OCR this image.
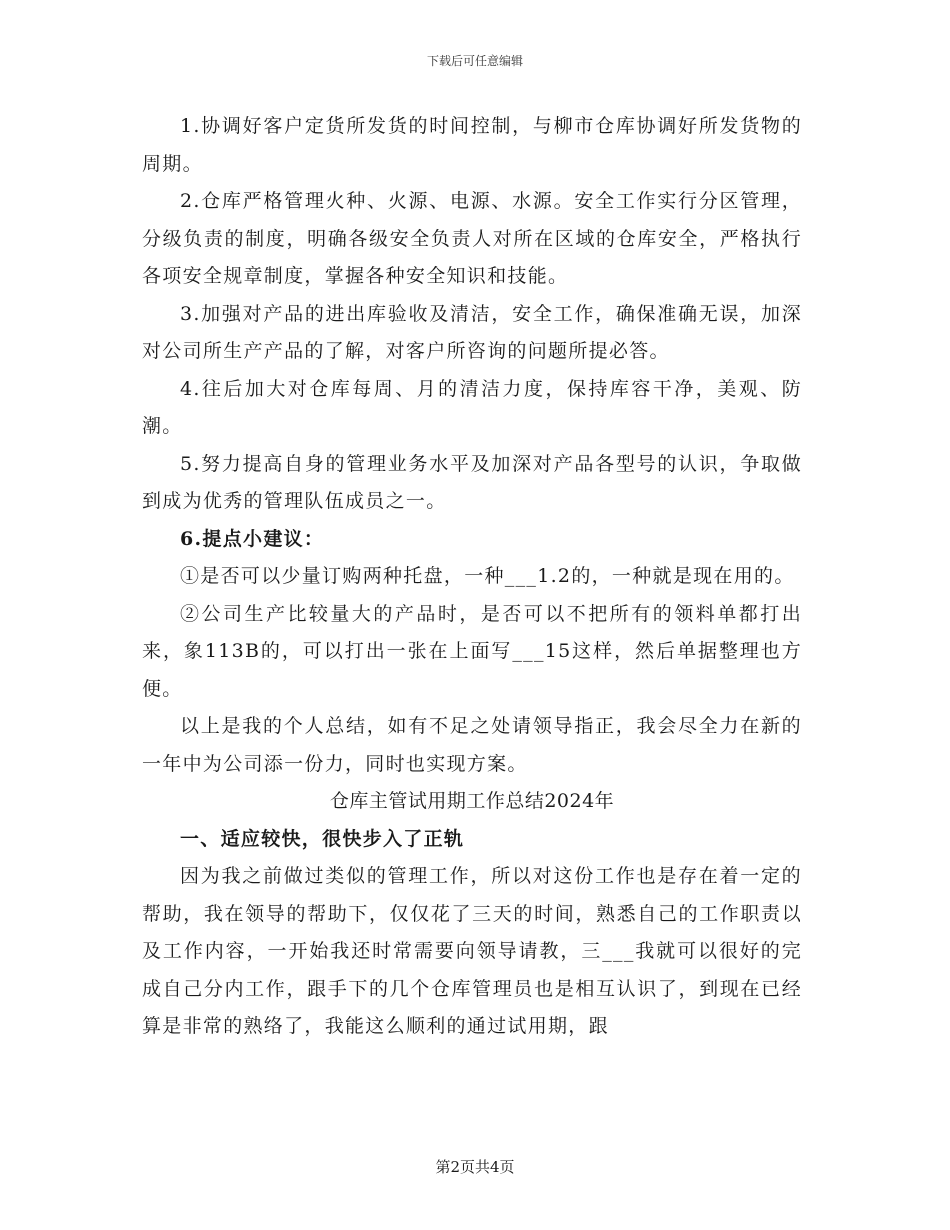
下载后可任意编辑

1.协调好客户定货所发货的时间控制，与柳市仓库协调好所发货物的周期。

2.仓库严格管理火种、火源、电源、水源。安全工作实行分区管理，分级负责的制度，明确各级安全负责人对所在区域的仓库安全，严格执行各项安全规章制度，掌握各种安全知识和技能。

3.加强对产品的进出库验收及清洁，安全工作，确保准确无误，加深对公司所生产产品的了解，对客户所咨询的问题所提必答。

4.往后加大对仓库每周、月的清洁力度，保持库容干净，美观、防潮。

5.努力提高自身的管理业务水平及加深对产品各型号的认识，争取做到成为优秀的管理队伍成员之一。

6.提点小建议：

①是否可以少量订购两种托盘，一种___1.2的，一种就是现在用的。

②公司生产比较量大的产品时，是否可以不把所有的领料单都打出来，象113B的，可以打出一张在上面写___15这样，然后单据整理也方便。

以上是我的个人总结，如有不足之处请领导指正，我会尽全力在新的一年中为公司添一份力，同时也实现方案。

仓库主管试用期工作总结2024年

一、适应较快，很快步入了正轨

因为我之前做过类似的管理工作，所以对这份工作也是存在着一定的帮助，我在领导的帮助下，仅仅花了三天的时间，熟悉自己的工作职责以及工作内容，一开始我还时常需要向领导请教，三___我就可以很好的完成自己分内工作，跟手下的几个仓库管理员也是相互认识了，到现在已经算是非常的熟络了，我能这么顺利的通过试用期，跟

第2页共4页
